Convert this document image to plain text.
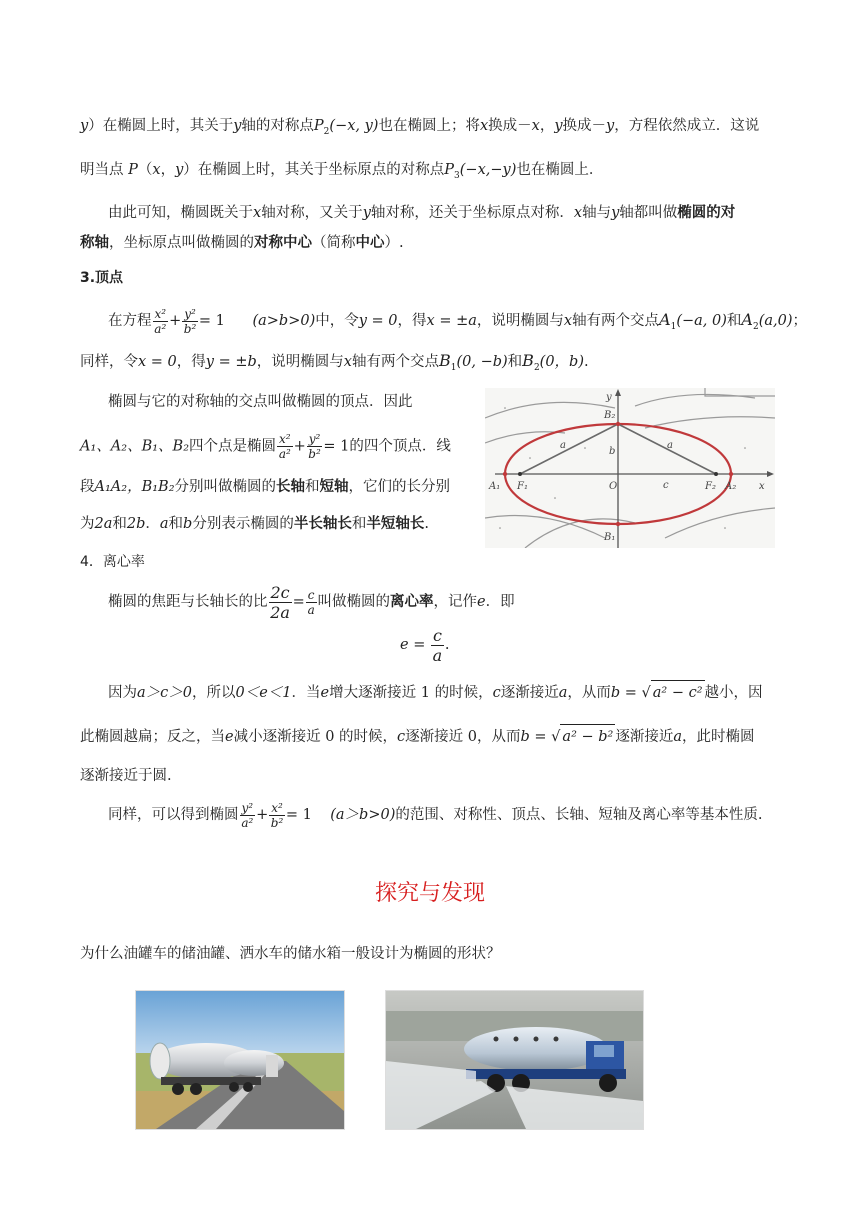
y）在椭圆上时，其关于y轴的对称点$P_2(-x$, y)也在椭圆上；将x换成－x，y换成－y，方程依然成立．这说
明当点 P（x，y）在椭圆上时，其关于坐标原点的对称点$P_3(-x,-y)$也在椭圆上．
由此可知，椭圆既关于x轴对称，又关于y轴对称，还关于坐标原点对称．x轴与y轴都叫做椭圆的对
称轴，坐标原点叫做椭圆的对称中心（简称中心）.
3.顶点
在方程 $\frac{\text{x²}}{\text{a²}} + \frac{\text{y²}}{\text{b²}} = 1$ (a>b>0)中，令y = 0，得x = ±a，说明椭圆与x轴有两个交点$A_1(-a$, 0)和$A_2(a,0)$；
同样，令x = 0，得y = ±b，说明椭圆与x轴有两个交点$B_1(0$, −b)和$B_2(0$，b).
椭圆与它的对称轴的交点叫做椭圆的顶点．因此
A₁、A₂、B₁、B₂四个点是椭圆 $\frac{\text{x²}}{\text{a²}} + \frac{\text{y²}}{\text{b²}} = 1$的四个顶点．线
段A₁A₂，B₁B₂分别叫做椭圆的长轴和短轴，它们的长分别
为2a和2b．a和b分别表示椭圆的半长轴长和半短轴长.
A₁ F₁	O	F₂ A₂ x
y
B₂
B₁
a	a
b
c
4．离心率
椭圆的焦距与长轴长的比 $\frac{2c}{2a} = \frac{c}{a}$ 叫做椭圆的离心率，记作e．即
$e = \frac{c}{a}$ .
因为a＞c＞0，所以0＜e＜1．当e增大逐渐接近 1 的时候，c逐渐接近a，从而b = √ a² − c² 越小，因
此椭圆越扁；反之，当e减小逐渐接近 0 的时候，c逐渐接近 0，从而b = √ a² − b² 逐渐接近a，此时椭圆
逐渐接近于圆.
同样，可以得到椭圆 $\frac{\text{y²}}{\text{a²}} + \frac{\text{x²}}{\text{b²}} = 1$ (a＞b>0)的范围、对称性、顶点、长轴、短轴及离心率等基本性质.
探究与发现
为什么油罐车的储油罐、洒水车的储水箱一般设计为椭圆的形状？
